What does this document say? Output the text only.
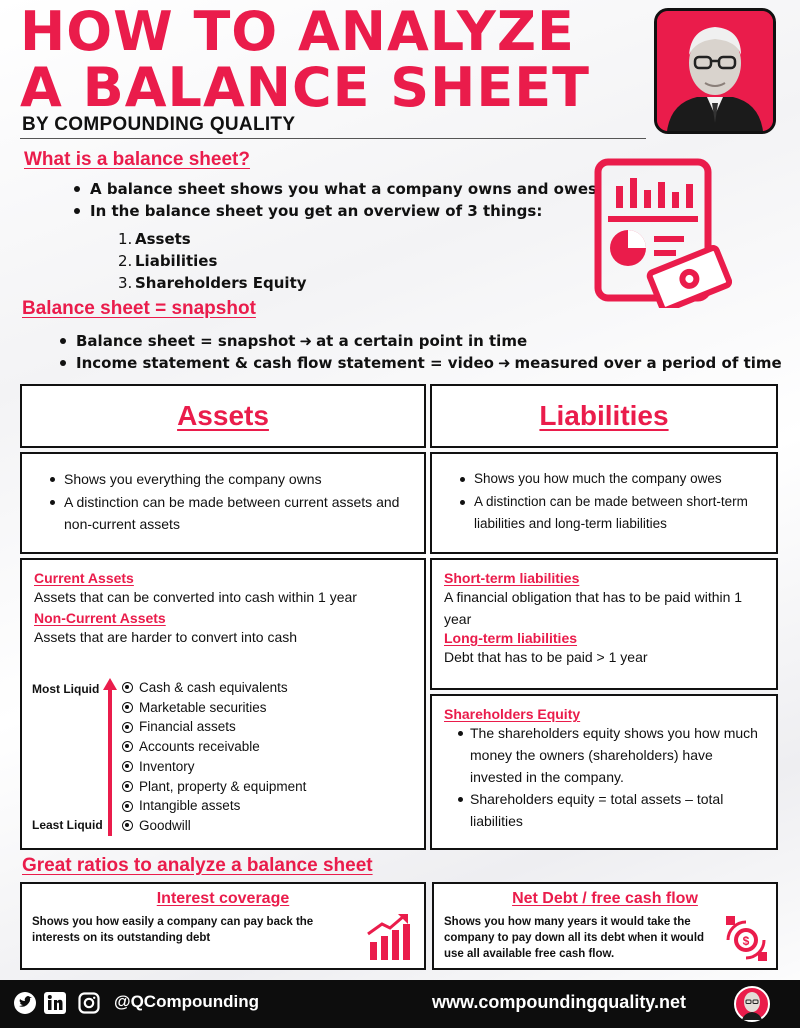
HOW TO ANALYZE
A BALANCE SHEET
BY COMPOUNDING QUALITY
What is a balance sheet?
A balance sheet shows you what a company owns and owes
In the balance sheet you get an overview of 3 things:
1. Assets
2. Liabilities
3. Shareholders Equity
Balance sheet = snapshot
Balance sheet = snapshot ➜ at a certain point in time
Income statement & cash flow statement = video ➜ measured over a period of time
Assets	Liabilities
Shows you everything the company owns
A distinction can be made between current assets and non-current assets
Shows you how much the company owes
A distinction can be made between short-term liabilities and long-term liabilities
Current Assets
Assets that can be converted into cash within 1 year
Non-Current Assets
Assets that are harder to convert into cash
Most Liquid
Least Liquid
Cash & cash equivalents
Marketable securities
Financial assets
Accounts receivable
Inventory
Plant, property & equipment
Intangible assets
Goodwill
Short-term liabilities
A financial obligation that has to be paid within 1 year
Long-term liabilities
Debt that has to be paid > 1 year
Shareholders Equity
The shareholders equity shows you how much money the owners (shareholders) have invested in the company.
Shareholders equity = total assets – total liabilities
Great ratios to analyze a balance sheet
Interest coverage
Shows you how easily a company can pay back the interests on its outstanding debt
Net Debt / free cash flow
Shows you how many years it would take the company to pay down all its debt when it would use all available free cash flow.
$
@QCompounding	www.compoundingquality.net
